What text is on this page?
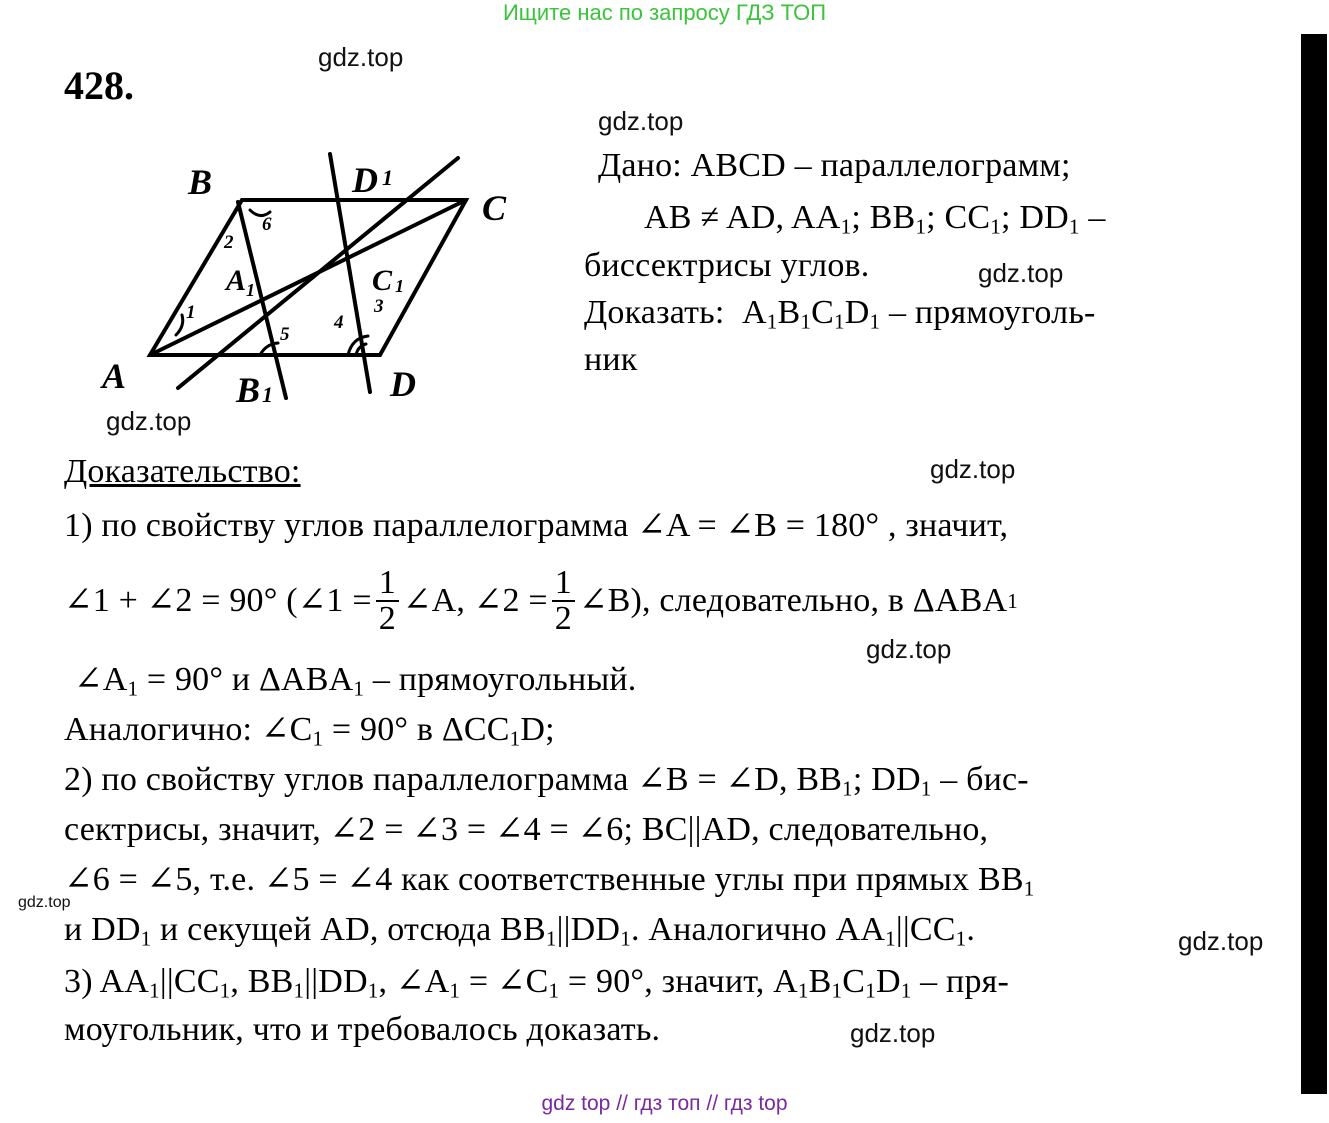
Ищите нас по запросу ГДЗ ТОП
428.
gdz.top
gdz.top
gdz.top
gdz.top
gdz.top
gdz.top
gdz.top
gdz.top
gdz.top
B
C
A	D
D 1
B 1
A 1	C 1
1
2
3
4
5
6
Дано: ABCD – параллелограмм;
AB ≠ AD, $AA_1$; $BB_1$; $CC_1$; $DD_1$ –
биссектрисы углов.
Доказать: $A_1B_1C_1D_1$ – прямоуголь-
ник
Доказательство:
1) по свойству углов параллелограмма ∠A = ∠B = 180° , значит,
∠1 + ∠2 = 90° (∠1 = $\frac{1}{2}$ ∠A, ∠2 = $\frac{1}{2}$ ∠B), следовательно, в ΔABA 1
$\angle A_1 = 90^\circ$ и $\Delta ABA_1$ – прямоугольный.
Аналогично: $\angle C_1 = 90^\circ$ в $\Delta CC_1D$;
2) по свойству углов параллелограмма ∠B = ∠D, $BB_1$; $DD_1 - бис-$
сектрисы, значит, ∠2 = ∠3 = ∠4 = ∠6; BC||AD, следовательно,
∠6 = ∠5, т.е. ∠5 = ∠4 как соответственные углы при прямых $BB_1$
и $DD_1$ и секущей AD, отсюда $BB_1||DD_1$. Аналогично $AA_1||CC_1$.
3) $AA_1||CC_1$, $BB_1||DD_1$, $\angle A_1$ = $\angle C_1 = 90^\circ$, значит, $A_1B_1C_1D_1 - пря-$
моугольник, что и требовалось доказать.
gdz top // гдз топ // гдз top
